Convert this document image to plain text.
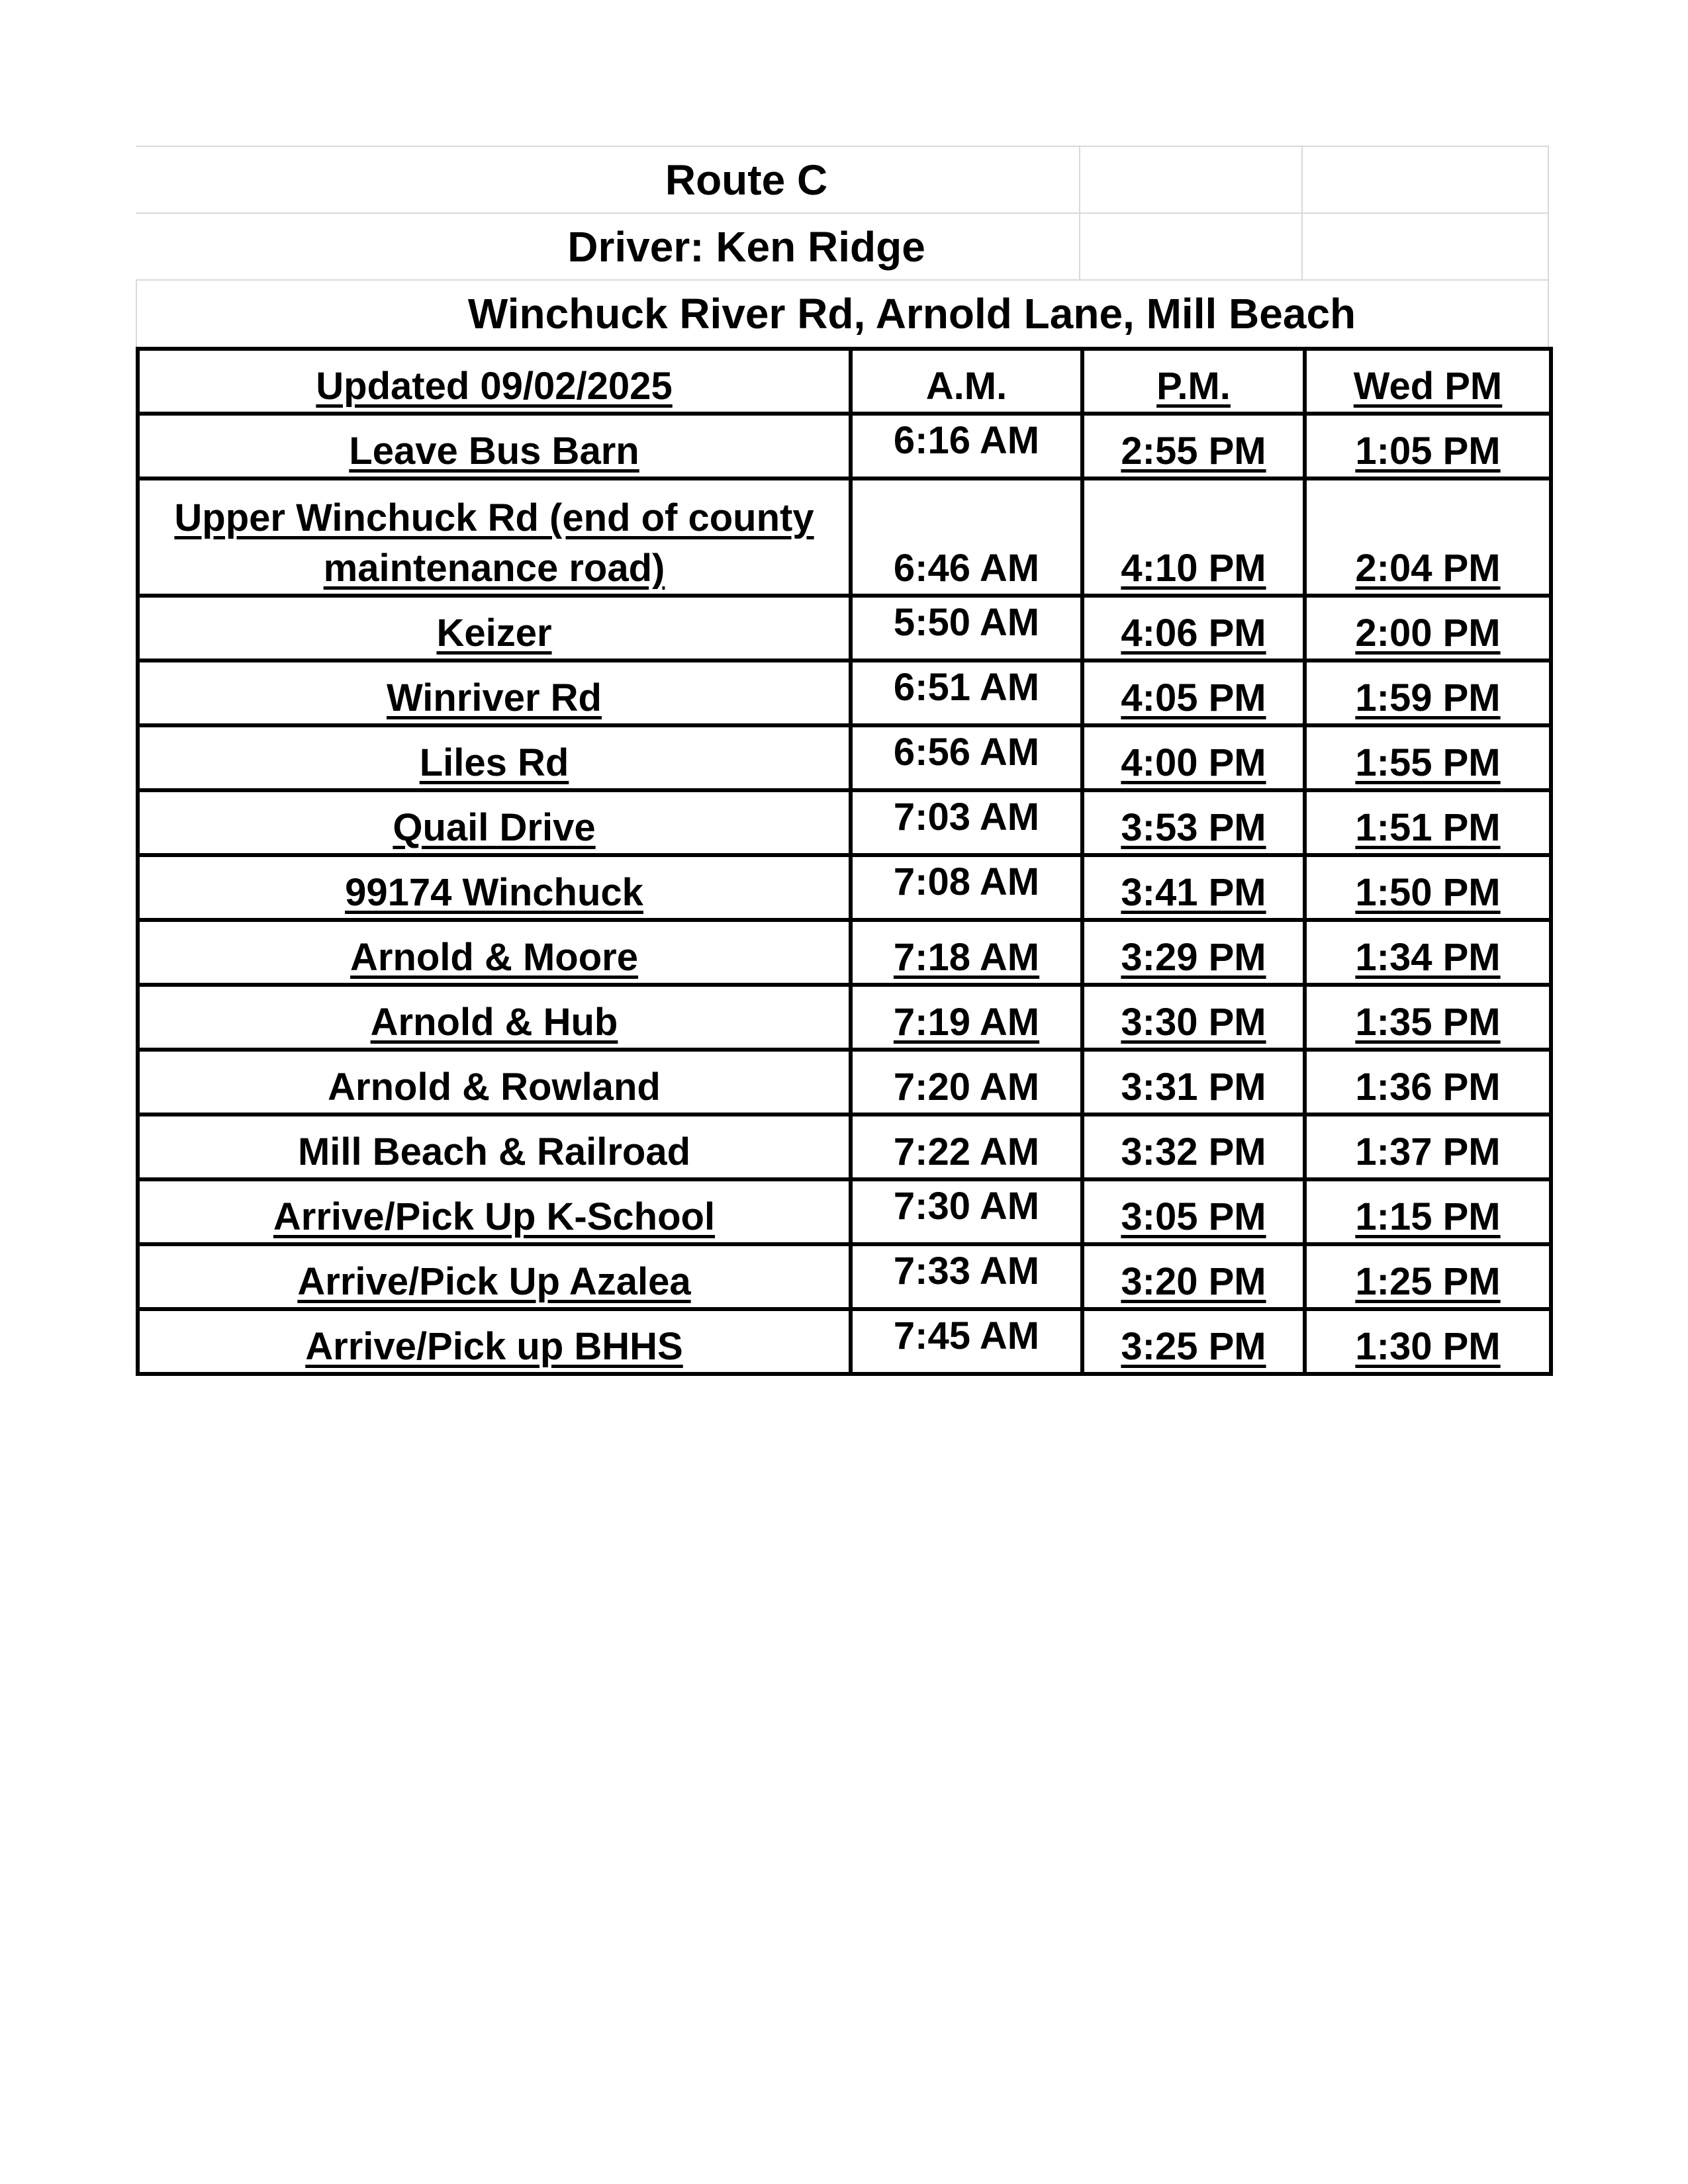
Route C
Driver: Ken Ridge
Winchuck River Rd, Arnold Lane, Mill Beach
Updated 09/02/2025	A.M.	P.M.	Wed PM
Leave Bus Barn	6:16 AM	2:55 PM	1:05 PM
Upper Winchuck Rd (end of county maintenance road)	6:46 AM	4:10 PM	2:04 PM
Keizer	5:50 AM	4:06 PM	2:00 PM
Winriver Rd	6:51 AM	4:05 PM	1:59 PM
Liles Rd	6:56 AM	4:00 PM	1:55 PM
Quail Drive	7:03 AM	3:53 PM	1:51 PM
99174 Winchuck	7:08 AM	3:41 PM	1:50 PM
Arnold & Moore	7:18 AM	3:29 PM	1:34 PM
Arnold & Hub	7:19 AM	3:30 PM	1:35 PM
Arnold & Rowland	7:20 AM	3:31 PM	1:36 PM
Mill Beach & Railroad	7:22 AM	3:32 PM	1:37 PM
Arrive/Pick Up K-School	7:30 AM	3:05 PM	1:15 PM
Arrive/Pick Up Azalea	7:33 AM	3:20 PM	1:25 PM
Arrive/Pick up BHHS	7:45 AM	3:25 PM	1:30 PM
